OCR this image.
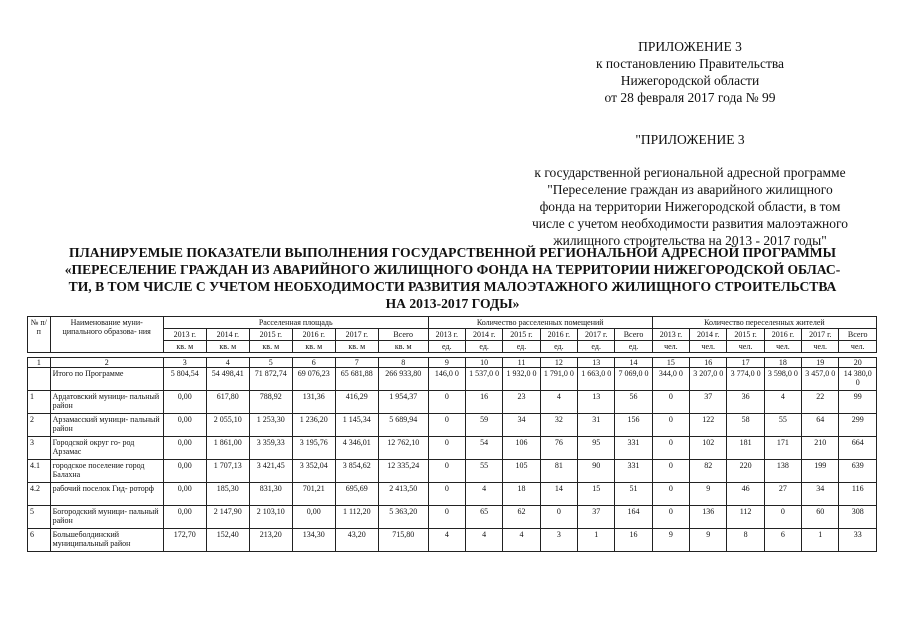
ПРИЛОЖЕНИЕ 3
к постановлению Правительства
Нижегородской области
от 28 февраля 2017 года № 99
"ПРИЛОЖЕНИЕ 3
к государственной региональной адресной программе
"Переселение граждан из аварийного жилищного
фонда на территории Нижегородской области, в том
числе с учетом необходимости развития малоэтажного
жилищного строительства на 2013 - 2017 годы"
ПЛАНИРУЕМЫЕ ПОКАЗАТЕЛИ ВЫПОЛНЕНИЯ ГОСУДАРСТВЕННОЙ РЕГИОНАЛЬНОЙ АДРЕСНОЙ ПРОГРАММЫ
«ПЕРЕСЕЛЕНИЕ ГРАЖДАН ИЗ АВАРИЙНОГО ЖИЛИЩНОГО ФОНДА НА ТЕРРИТОРИИ НИЖЕГОРОДСКОЙ ОБЛАС-
ТИ, В ТОМ ЧИСЛЕ С УЧЕТОМ НЕОБХОДИМОСТИ РАЗВИТИЯ МАЛОЭТАЖНОГО ЖИЛИЩНОГО СТРОИТЕЛЬСТВА
НА 2013-2017 ГОДЫ»
№ п/ п	Наименование муни- ципального образова- ния	Расселенная площадь						Количество расселенных помещений						Количество переселенных жителей					
		2013 г.	2014 г.	2015 г.	2016 г.	2017 г.	Всего	2013 г.	2014 г.	2015 г.	2016 г.	2017 г.	Всего	2013 г.	2014 г.	2015 г.	2016 г.	2017 г.	Всего
		кв. м	кв. м	кв. м	кв. м	кв. м	кв. м	ед.	ед.	ед.	ед.	ед.	ед.	чел.	чел.	чел.	чел.	чел.	чел.

1	2	3	4	5	6	7	8	9	10	11	12	13	14	15	16	17	18	19	20
	Итого по Программе	5 804,54	54 498,41	71 872,74	69 076,23	65 681,88	266 933,80	146,0 0	1 537,0 0	1 932,0 0	1 791,0 0	1 663,0 0	7 069,0 0	344,0 0	3 207,0 0	3 774,0 0	3 598,0 0	3 457,0 0	14 380,0 0
1	Ардатовский муници- пальный район	0,00	617,80	788,92	131,36	416,29	1 954,37	0	16	23	4	13	56	0	37	36	4	22	99
2	Арзамасский муници- пальный район	0,00	2 055,10	1 253,30	1 236,20	1 145,34	5 689,94	0	59	34	32	31	156	0	122	58	55	64	299
3	Городской округ го- род Арзамас	0,00	1 861,00	3 359,33	3 195,76	4 346,01	12 762,10	0	54	106	76	95	331	0	102	181	171	210	664
4.1	городское поселение город Балахна	0,00	1 707,13	3 421,45	3 352,04	3 854,62	12 335,24	0	55	105	81	90	331	0	82	220	138	199	639
4.2	рабочий поселок Гид- роторф	0,00	185,30	831,30	701,21	695,69	2 413,50	0	4	18	14	15	51	0	9	46	27	34	116
5	Богородский муници- пальный район	0,00	2 147,90	2 103,10	0,00	1 112,20	5 363,20	0	65	62	0	37	164	0	136	112	0	60	308
6	Большеболдинский муниципальный район	172,70	152,40	213,20	134,30	43,20	715,80	4	4	4	3	1	16	9	9	8	6	1	33
